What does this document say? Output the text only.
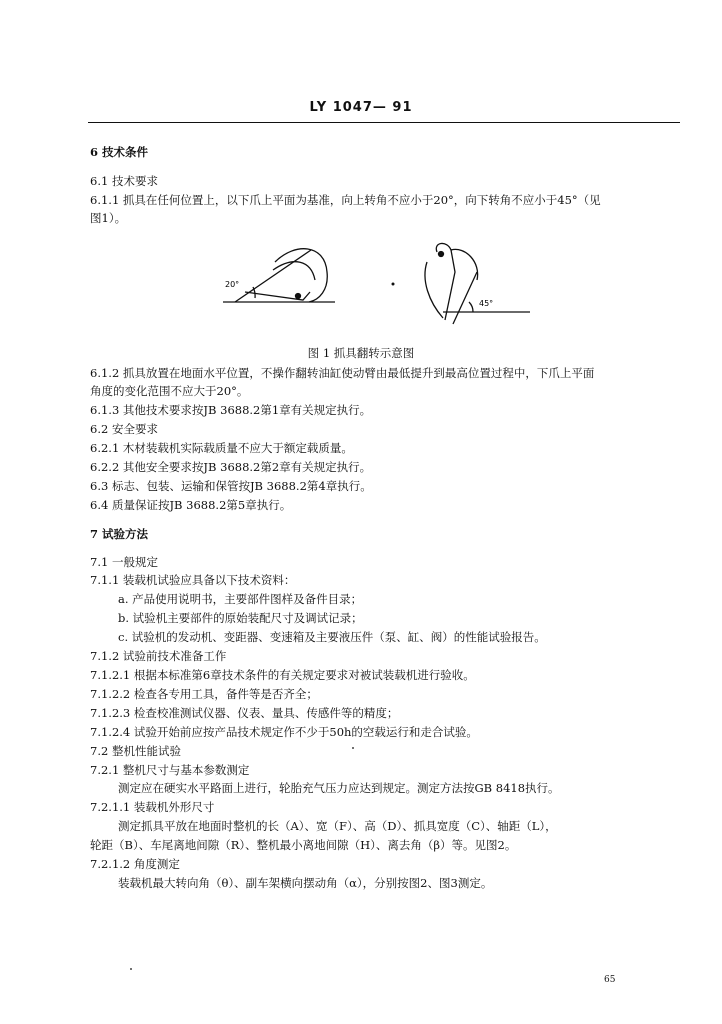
LY 1047— 91
6 技术条件
6.1 技术要求
6.1.1 抓具在任何位置上，以下爪上平面为基准，向上转角不应小于20°，向下转角不应小于45°（见
图1）。
20°
45°
图 1 抓具翻转示意图
6.1.2 抓具放置在地面水平位置，不操作翻转油缸使动臂由最低提升到最高位置过程中，下爪上平面
角度的变化范围不应大于20°。
6.1.3 其他技术要求按JB 3688.2第1章有关规定执行。
6.2 安全要求
6.2.1 木材装载机实际载质量不应大于额定载质量。
6.2.2 其他安全要求按JB 3688.2第2章有关规定执行。
6.3 标志、包装、运输和保管按JB 3688.2第4章执行。
6.4 质量保证按JB 3688.2第5章执行。
7 试验方法
7.1 一般规定
7.1.1 装载机试验应具备以下技术资料：
a. 产品使用说明书，主要部件图样及备件目录；
b. 试验机主要部件的原始装配尺寸及调试记录；
c. 试验机的发动机、变距器、变速箱及主要液压件（泵、缸、阀）的性能试验报告。
7.1.2 试验前技术准备工作
7.1.2.1 根据本标准第6章技术条件的有关规定要求对被试装载机进行验收。
7.1.2.2 检查各专用工具，备件等是否齐全；
7.1.2.3 检查校准测试仪器、仪表、量具、传感件等的精度；
7.1.2.4 试验开始前应按产品技术规定作不少于50h的空载运行和走合试验。
7.2 整机性能试验
7.2.1 整机尺寸与基本参数测定
测定应在硬实水平路面上进行，轮胎充气压力应达到规定。测定方法按GB 8418执行。
7.2.1.1 装载机外形尺寸
测定抓具平放在地面时整机的长（A）、宽（F）、高（D）、抓具宽度（C）、轴距（L），
轮距（B）、车尾离地间隙（R）、整机最小离地间隙（H）、离去角（β）等。见图2。
7.2.1.2 角度测定
装载机最大转向角（θ）、副车架横向摆动角（α），分别按图2、图3测定。
65
